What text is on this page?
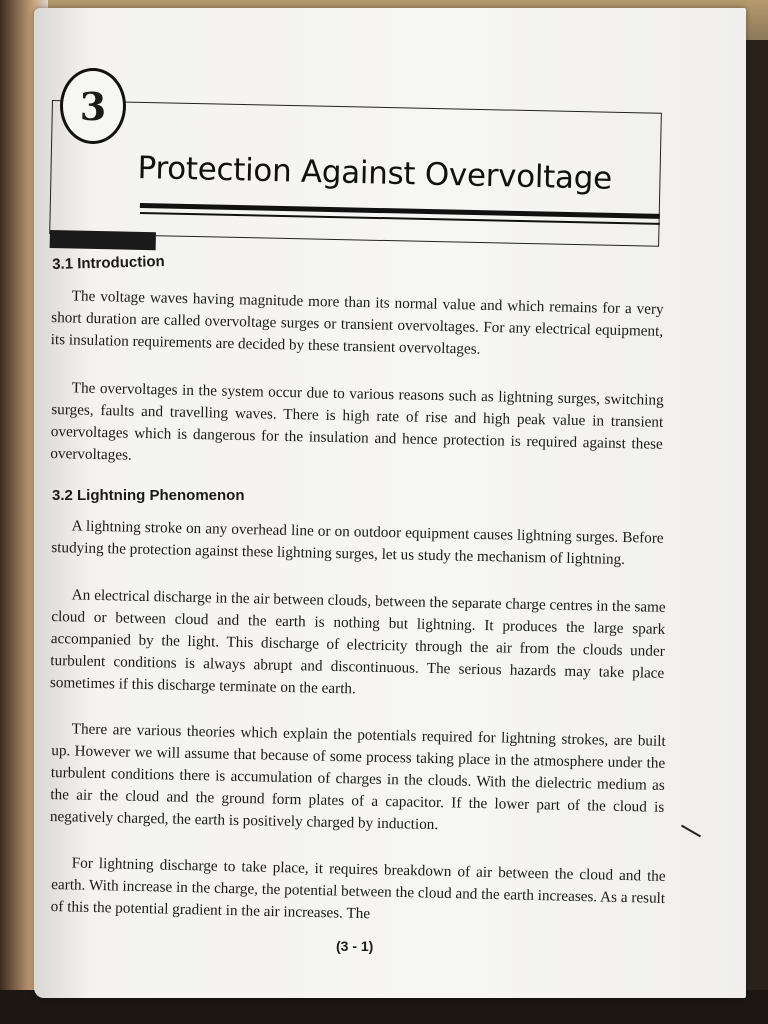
3
Protection Against Overvoltage
3.1 Introduction
The voltage waves having magnitude more than its normal value and which remains for a very short duration are called overvoltage surges or transient overvoltages. For any electrical equipment, its insulation requirements are decided by these transient overvoltages.
The overvoltages in the system occur due to various reasons such as lightning surges, switching surges, faults and travelling waves. There is high rate of rise and high peak value in transient overvoltages which is dangerous for the insulation and hence protection is required against these overvoltages.
3.2 Lightning Phenomenon
A lightning stroke on any overhead line or on outdoor equipment causes lightning surges. Before studying the protection against these lightning surges, let us study the mechanism of lightning.
An electrical discharge in the air between clouds, between the separate charge centres in the same cloud or between cloud and the earth is nothing but lightning. It produces the large spark accompanied by the light. This discharge of electricity through the air from the clouds under turbulent conditions is always abrupt and discontinuous. The serious hazards may take place sometimes if this discharge terminate on the earth.
There are various theories which explain the potentials required for lightning strokes, are built up. However we will assume that because of some process taking place in the atmosphere under the turbulent conditions there is accumulation of charges in the clouds. With the dielectric medium as the air the cloud and the ground form plates of a capacitor. If the lower part of the cloud is negatively charged, the earth is positively charged by induction.
For lightning discharge to take place, it requires breakdown of air between the cloud and the earth. With increase in the charge, the potential between the cloud and the earth increases. As a result of this the potential gradient in the air increases. The
(3 - 1)
